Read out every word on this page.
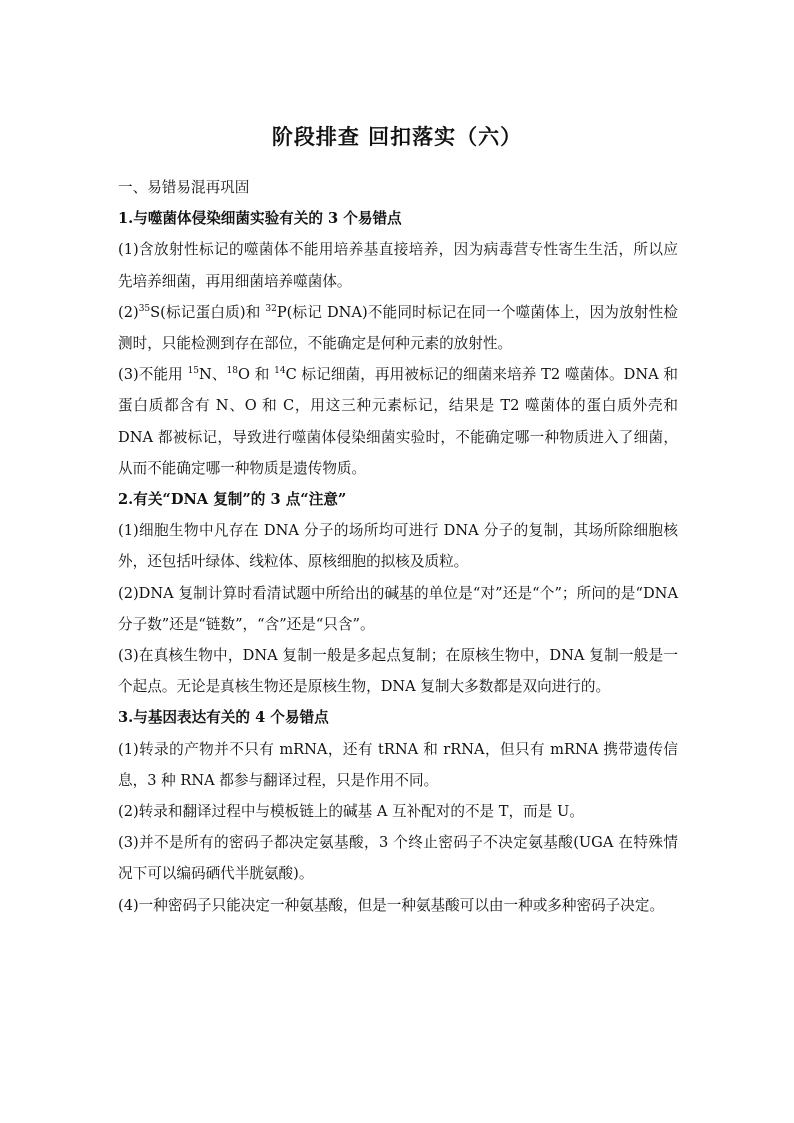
阶段排查 回扣落实（六）

一、易错易混再巩固

1.与噬菌体侵染细菌实验有关的 3 个易错点

(1)含放射性标记的噬菌体不能用培养基直接培养，因为病毒营专性寄生生活，所以应先培养细菌，再用细菌培养噬菌体。

$(2)^{35}S$(标记蛋白质)和 $^{32}$P(标记 DNA)不能同时标记在同一个噬菌体上，因为放射性检测时，只能检测到存在部位，不能确定是何种元素的放射性。

(3)不能用 $^{15}$N、$^{18}$O 和 $^{14}$C 标记细菌，再用被标记的细菌来培养 T2 噬菌体。DNA 和蛋白质都含有 N、O 和 C，用这三种元素标记，结果是 T2 噬菌体的蛋白质外壳和 DNA 都被标记，导致进行噬菌体侵染细菌实验时，不能确定哪一种物质进入了细菌，从而不能确定哪一种物质是遗传物质。

2.有关“DNA 复制”的 3 点“注意”

(1)细胞生物中凡存在 DNA 分子的场所均可进行 DNA 分子的复制，其场所除细胞核外，还包括叶绿体、线粒体、原核细胞的拟核及质粒。

(2)DNA 复制计算时看清试题中所给出的碱基的单位是“对”还是“个”；所问的是“DNA 分子数”还是“链数”，“含”还是“只含”。

(3)在真核生物中，DNA 复制一般是多起点复制；在原核生物中，DNA 复制一般是一个起点。无论是真核生物还是原核生物，DNA 复制大多数都是双向进行的。

3.与基因表达有关的 4 个易错点

(1)转录的产物并不只有 mRNA，还有 tRNA 和 rRNA，但只有 mRNA 携带遗传信息，3 种 RNA 都参与翻译过程，只是作用不同。

(2)转录和翻译过程中与模板链上的碱基 A 互补配对的不是 T，而是 U。

(3)并不是所有的密码子都决定氨基酸，3 个终止密码子不决定氨基酸(UGA 在特殊情况下可以编码硒代半胱氨酸)。

(4)一种密码子只能决定一种氨基酸，但是一种氨基酸可以由一种或多种密码子决定。
